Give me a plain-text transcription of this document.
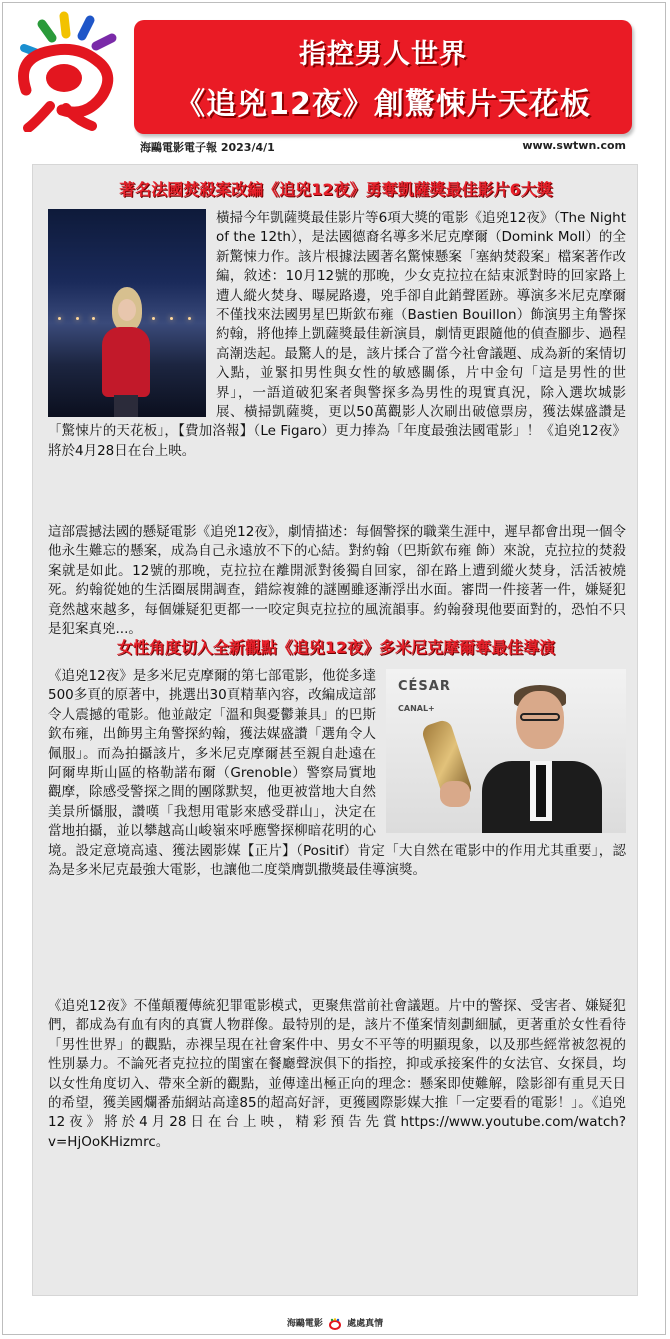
指控男人世界
《追兇12夜》創驚悚片天花板
海鷗電影電子報 2023/4/1	www.swtwn.com
著名法國焚殺案改編《追兇12夜》勇奪凱薩獎最佳影片6大獎
橫掃今年凱薩獎最佳影片等6項大獎的電影《追兇12夜》（The Night of the 12th），是法國德裔名導多米尼克摩爾（Domink Moll）的全新驚悚力作。該片根據法國著名驚悚懸案「塞納焚殺案」檔案著作改編，敘述：10月12號的那晚，少女克拉拉在結束派對時的回家路上遭人縱火焚身、曝屍路邊，兇手卻自此銷聲匿跡。導演多米尼克摩爾不僅找來法國男星巴斯欽布雍（Bastien Bouillon）飾演男主角警探約翰，將他捧上凱薩獎最佳新演員，劇情更跟隨他的偵查腳步、過程高潮迭起。最驚人的是，該片揉合了當今社會議題、成為新的案情切入點，並緊扣男性與女性的敏感關係，片中金句「這是男性的世界」，一語道破犯案者與警探多為男性的現實真況，除入選坎城影展、橫掃凱薩獎，更以50萬觀影人次刷出破億票房，獲法媒盛讚是「驚悚片的天花板」，【費加洛報】（Le Figaro）更力捧為「年度最強法國電影」！《追兇12夜》將於4月28日在台上映。
這部震撼法國的懸疑電影《追兇12夜》，劇情描述：每個警探的職業生涯中，遲早都會出現一個令他永生難忘的懸案，成為自己永遠放不下的心結。對約翰（巴斯欽布雍 飾）來說，克拉拉的焚殺案就是如此。12號的那晚，克拉拉在離開派對後獨自回家，卻在路上遭到縱火焚身，活活被燒死。約翰從她的生活圈展開調查，錯綜複雜的謎團雖逐漸浮出水面。審問一件接著一件，嫌疑犯竟然越來越多，每個嫌疑犯更都一一咬定與克拉拉的風流韻事。約翰發現他要面對的，恐怕不只是犯案真兇...。
女性角度切入全新觀點《追兇12夜》多米尼克摩爾奪最佳導演
CÉSAR
CANAL+
《追兇12夜》是多米尼克摩爾的第七部電影，他從多達500多頁的原著中，挑選出30頁精華內容，改編成這部令人震撼的電影。他並敲定「溫和與憂鬱兼具」的巴斯欽布雍，出飾男主角警探約翰，獲法媒盛讚「選角令人佩服」。而為拍攝該片，多米尼克摩爾甚至親自赴遠在阿爾卑斯山區的格勒諾布爾（Grenoble）警察局實地觀摩，除感受警探之間的團隊默契，他更被當地大自然美景所懾服，讚嘆「我想用電影來感受群山」，決定在當地拍攝，並以攀越高山峻嶺來呼應警探柳暗花明的心境。設定意境高遠、獲法國影媒【正片】（Positif）肯定「大自然在電影中的作用尤其重要」，認為是多米尼克最強大電影，也讓他二度榮膺凱撒獎最佳導演獎。
《追兇12夜》不僅顛覆傳統犯罪電影模式，更聚焦當前社會議題。片中的警探、受害者、嫌疑犯們，都成為有血有肉的真實人物群像。最特別的是，該片不僅案情刻劃細膩，更著重於女性看待「男性世界」的觀點，赤裸呈現在社會案件中、男女不平等的明顯現象，以及那些經常被忽視的性別暴力。不論死者克拉拉的閨蜜在餐廳聲淚俱下的指控，抑或承接案件的女法官、女探員，均以女性角度切入、帶來全新的觀點，並傳達出極正向的理念：懸案即使難解，陰影卻有重見天日的希望，獲美國爛番茄網站高達85的超高好評，更獲國際影媒大推「一定要看的電影！」。《追兇12夜》將於4月28日在台上映，精彩預告先賞https://www.youtube.com/watch?v=HjOoKHizmrc。
海鷗電影	處處真情
